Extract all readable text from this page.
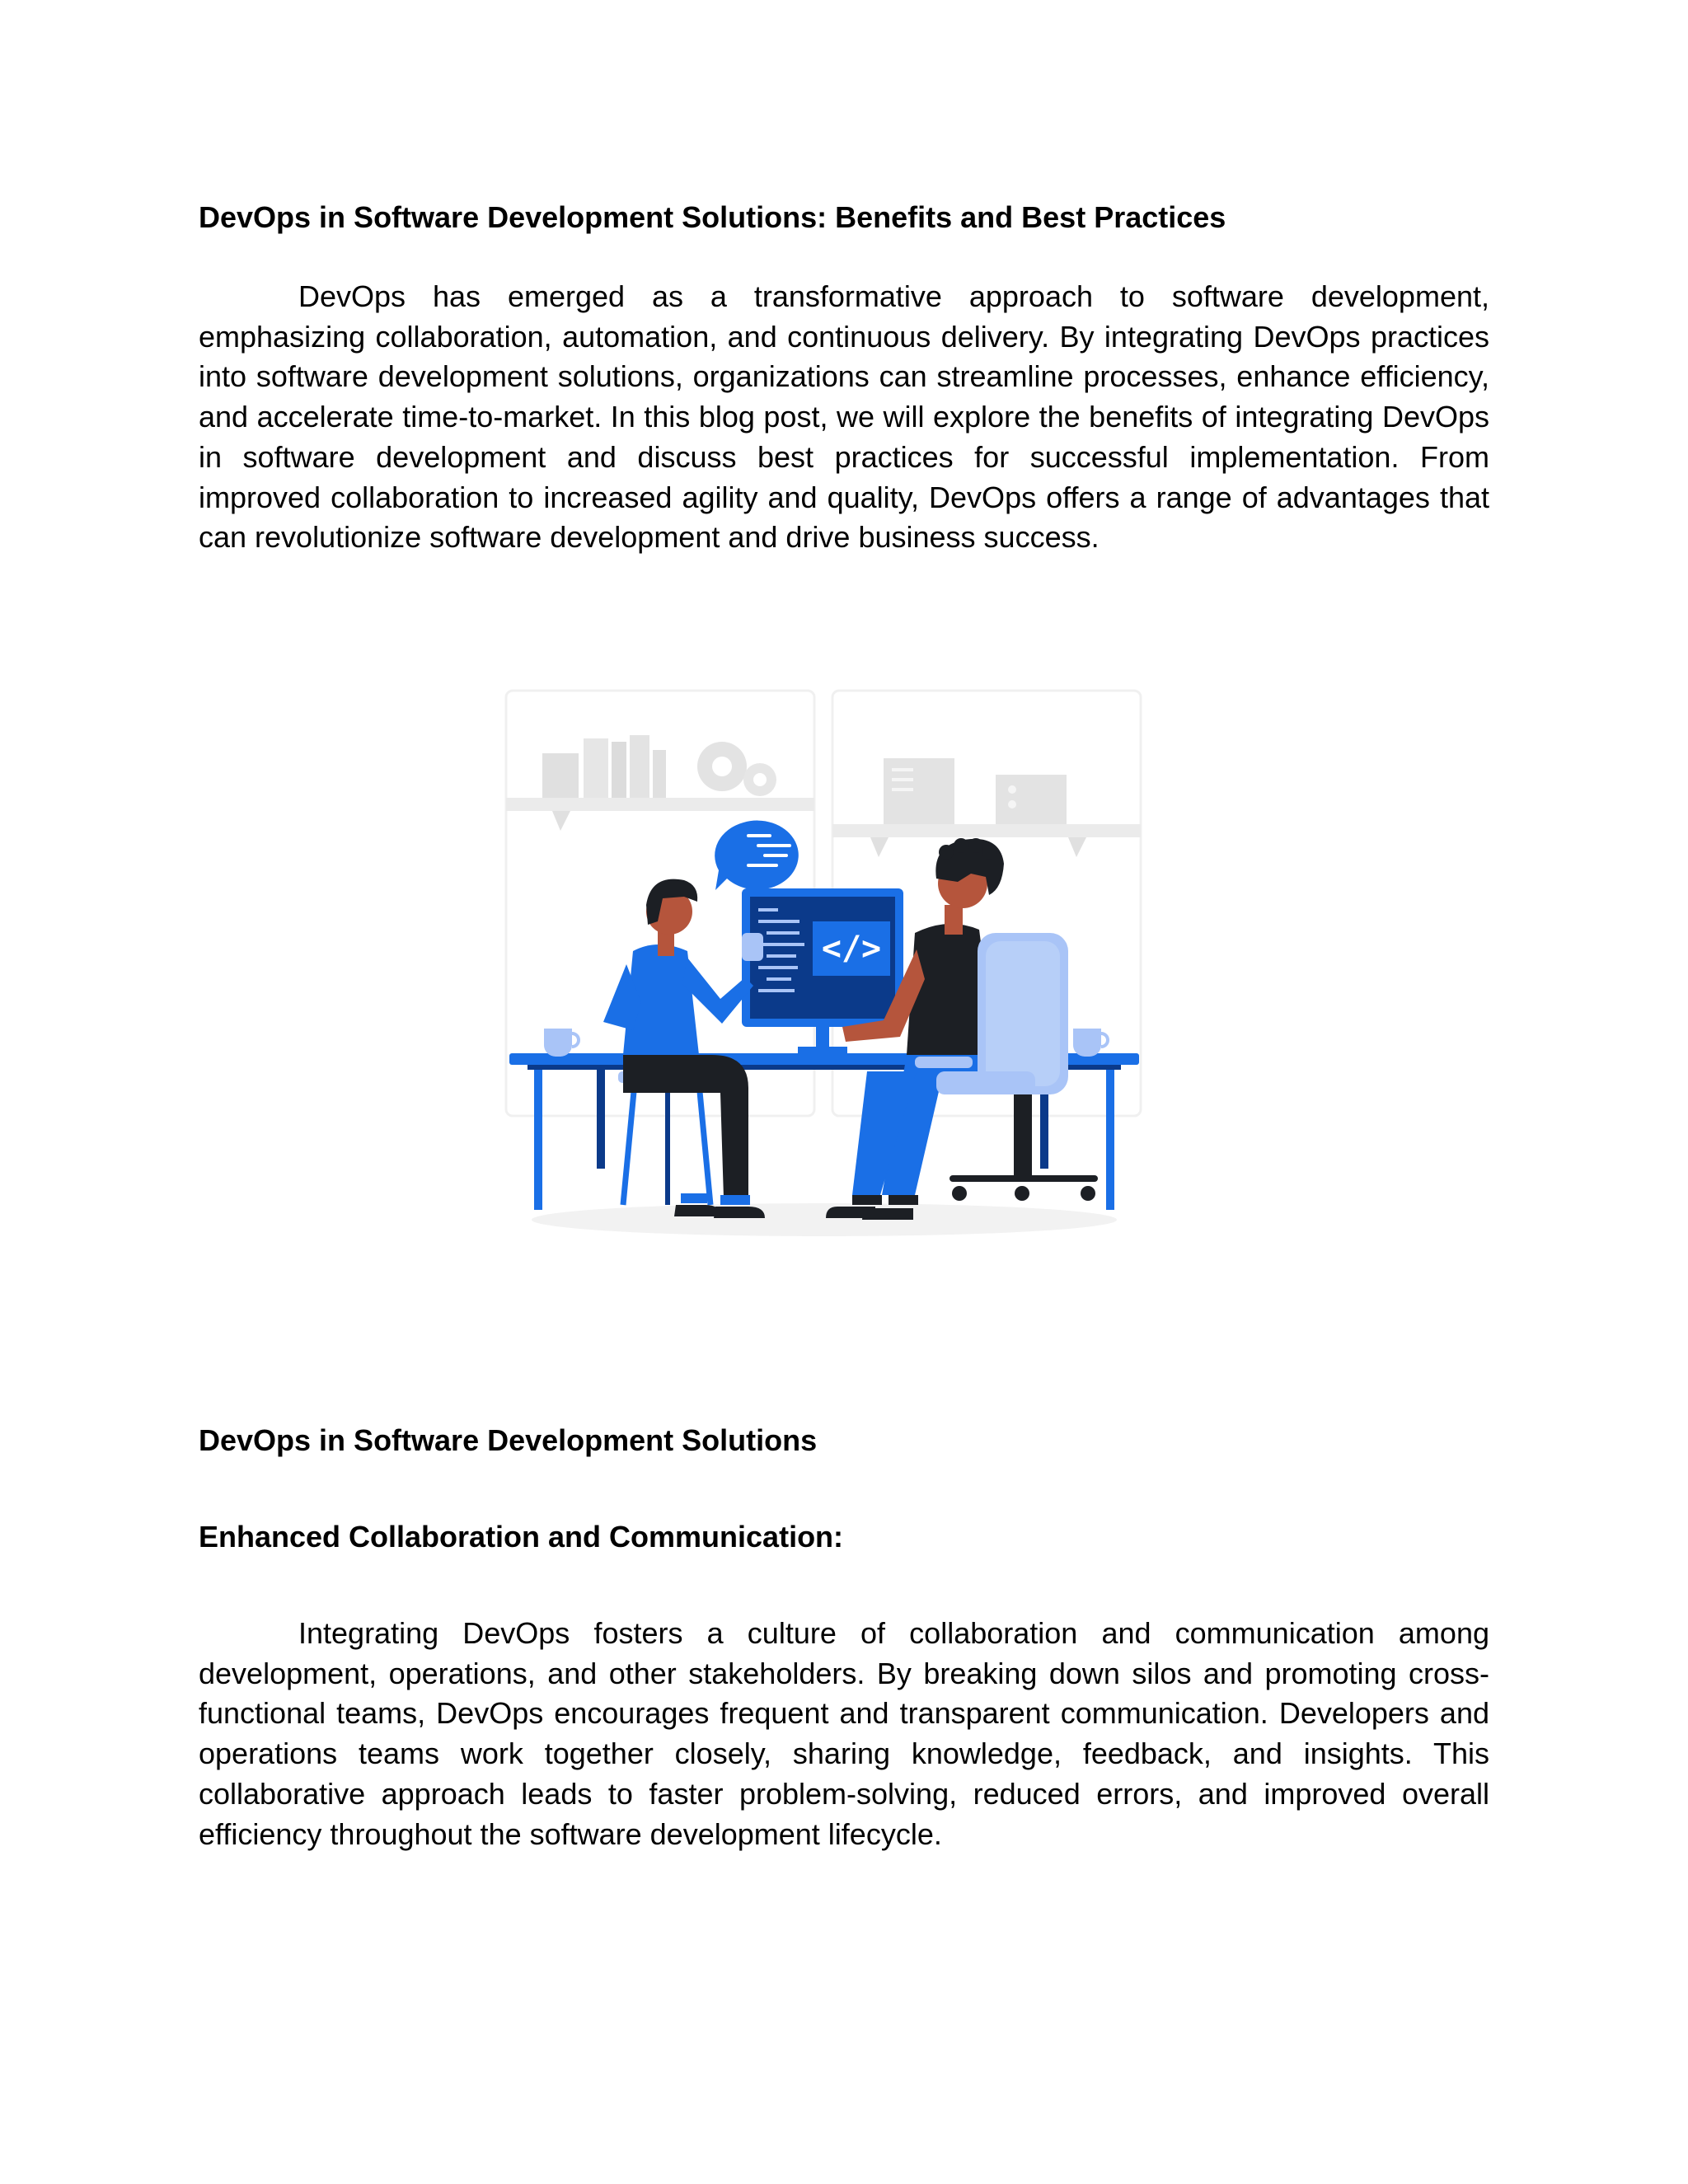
DevOps in Software Development Solutions: Benefits and Best Practices

DevOps has emerged as a transformative approach to software development, emphasizing collaboration, automation, and continuous delivery. By integrating DevOps practices into software development solutions, organizations can streamline processes, enhance efficiency, and accelerate time-to-market. In this blog post, we will explore the benefits of integrating DevOps in software development and discuss best practices for successful implementation. From improved collaboration to increased agility and quality, DevOps offers a range of advantages that can revolutionize software development and drive business success.

</>
DevOps in Software Development Solutions
Enhanced Collaboration and Communication:

Integrating DevOps fosters a culture of collaboration and communication among development, operations, and other stakeholders. By breaking down silos and promoting cross-functional teams, DevOps encourages frequent and transparent communication. Developers and operations teams work together closely, sharing knowledge, feedback, and insights. This collaborative approach leads to faster problem-solving, reduced errors, and improved overall efficiency throughout the software development lifecycle.
